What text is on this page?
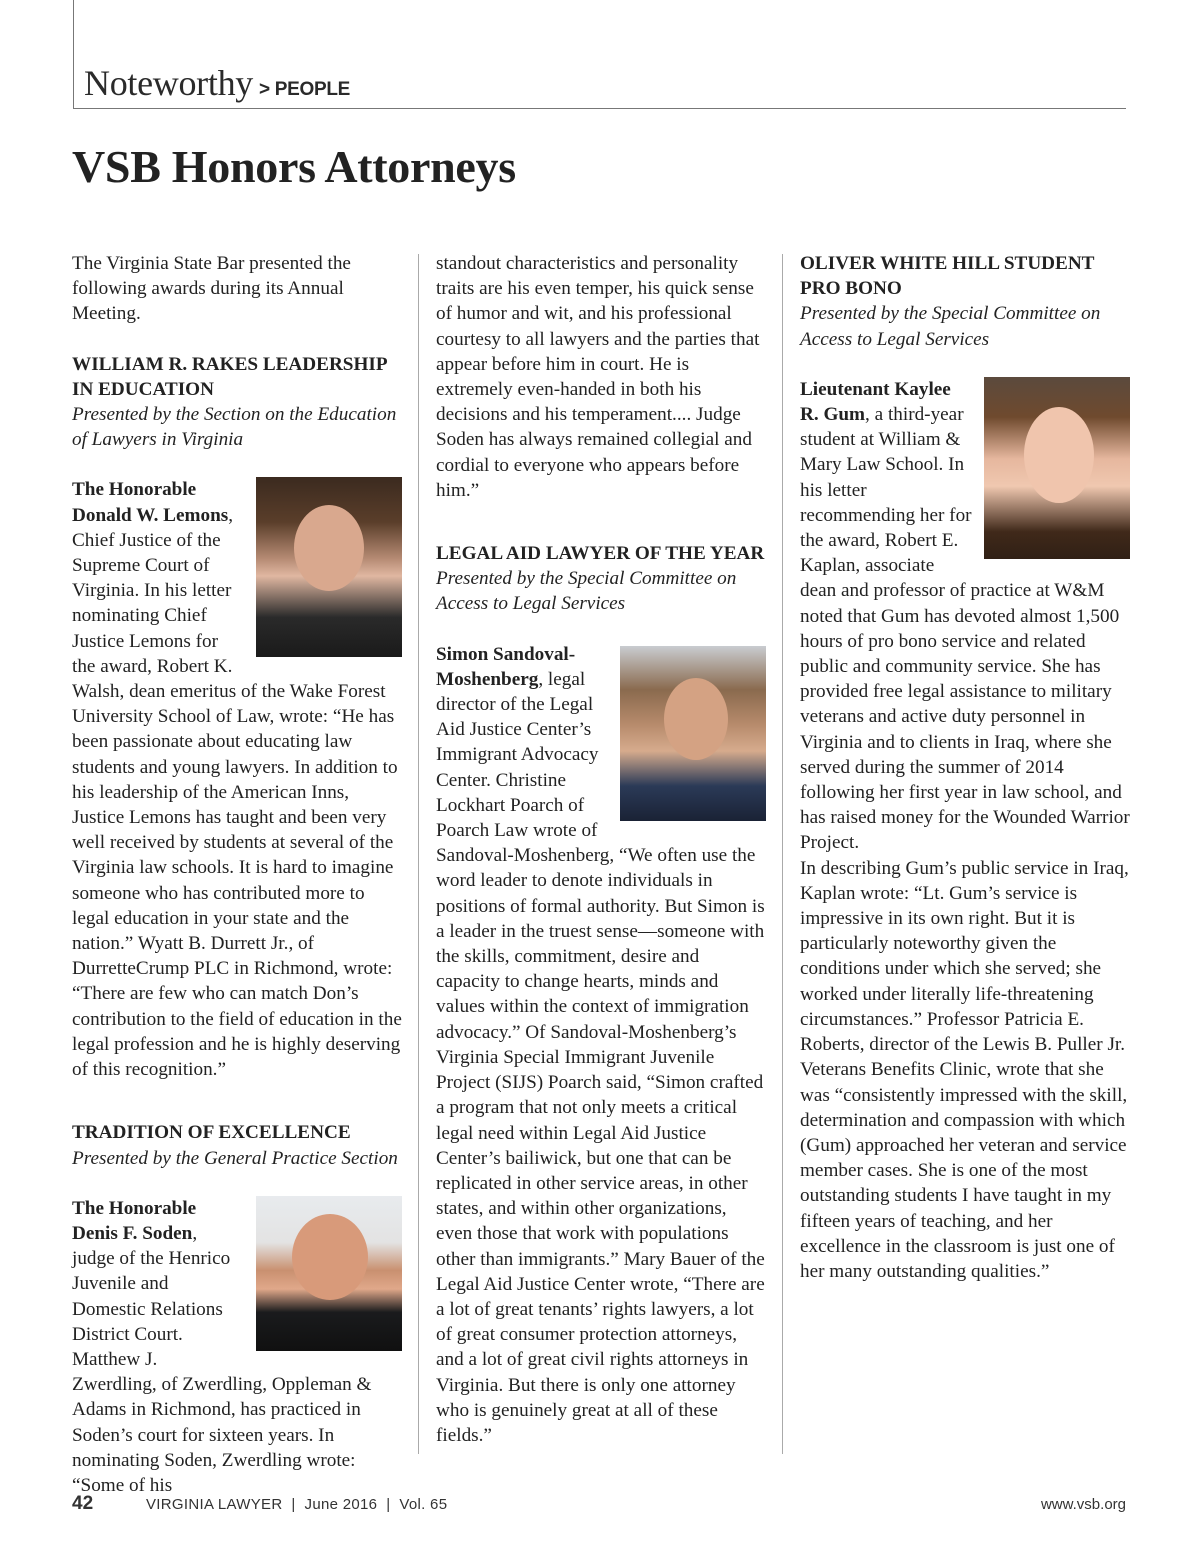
Noteworthy > PEOPLE
VSB Honors Attorneys

The Virginia State Bar presented the following awards during its Annual Meeting.

WILLIAM R. RAKES LEADERSHIP IN EDUCATION

Presented by the Section on the Education of Lawyers in Virginia

The Honorable Donald W. Lemons, Chief Justice of the Supreme Court of Virginia. In his letter nominating Chief Justice Lemons for the award, Robert K. Walsh, dean emeritus of the Wake Forest University School of Law, wrote: “He has been passionate about educating law students and young lawyers. In addition to his leadership of the American Inns, Justice Lemons has taught and been very well received by students at several of the Virginia law schools. It is hard to imagine someone who has contributed more to legal education in your state and the nation.” Wyatt B. Durrett Jr., of DurretteCrump PLC in Richmond, wrote: “There are few who can match Don’s contribution to the field of education in the legal profession and he is highly deserving of this recognition.”

TRADITION OF EXCELLENCE

Presented by the General Practice Section

The Honorable Denis F. Soden, judge of the Henrico Juvenile and Domestic Relations District Court. Matthew J. Zwerdling, of Zwerdling, Oppleman & Adams in Richmond, has practiced in Soden’s court for sixteen years. In nominating Soden, Zwerdling wrote: “Some of his

standout characteristics and personality traits are his even temper, his quick sense of humor and wit, and his professional courtesy to all lawyers and the parties that appear before him in court. He is extremely even-handed in both his decisions and his temperament.... Judge Soden has always remained collegial and cordial to everyone who appears before him.”

LEGAL AID LAWYER OF THE YEAR

Presented by the Special Committee on Access to Legal Services

Simon Sandoval-Moshenberg, legal director of the Legal Aid Justice Center’s Immigrant Advocacy Center. Christine Lockhart Poarch of Poarch Law wrote of Sandoval-Moshenberg, “We often use the word leader to denote individuals in positions of formal authority. But Simon is a leader in the truest sense—someone with the skills, commitment, desire and capacity to change hearts, minds and values within the context of immigration advocacy.” Of Sandoval-Moshenberg’s Virginia Special Immigrant Juvenile Project (SIJS) Poarch said, “Simon crafted a program that not only meets a critical legal need within Legal Aid Justice Center’s bailiwick, but one that can be replicated in other service areas, in other states, and within other organizations, even those that work with populations other than immigrants.” Mary Bauer of the Legal Aid Justice Center wrote, “There are a lot of great tenants’ rights lawyers, a lot of great consumer protection attorneys, and a lot of great civil rights attorneys in Virginia. But there is only one attorney who is genuinely great at all of these fields.”

OLIVER WHITE HILL STUDENT PRO BONO

Presented by the Special Committee on Access to Legal Services

Lieutenant Kaylee R. Gum, a third-year student at William & Mary Law School. In his letter recommending her for the award, Robert E. Kaplan, associate dean and professor of practice at W&M noted that Gum has devoted almost 1,500 hours of pro bono service and related public and community service. She has provided free legal assistance to military veterans and active duty personnel in Virginia and to clients in Iraq, where she served during the summer of 2014 following her first year in law school, and has raised money for the Wounded Warrior Project.

In describing Gum’s public service in Iraq, Kaplan wrote: “Lt. Gum’s service is impressive in its own right. But it is particularly noteworthy given the conditions under which she served; she worked under literally life-threatening circumstances.” Professor Patricia E. Roberts, director of the Lewis B. Puller Jr. Veterans Benefits Clinic, wrote that she was “consistently impressed with the skill, determination and compassion with which (Gum) approached her veteran and service member cases. She is one of the most outstanding students I have taught in my fifteen years of teaching, and her excellence in the classroom is just one of her many outstanding qualities.”

42	VIRGINIA LAWYER  |  June 2016  |  Vol. 65	www.vsb.org
